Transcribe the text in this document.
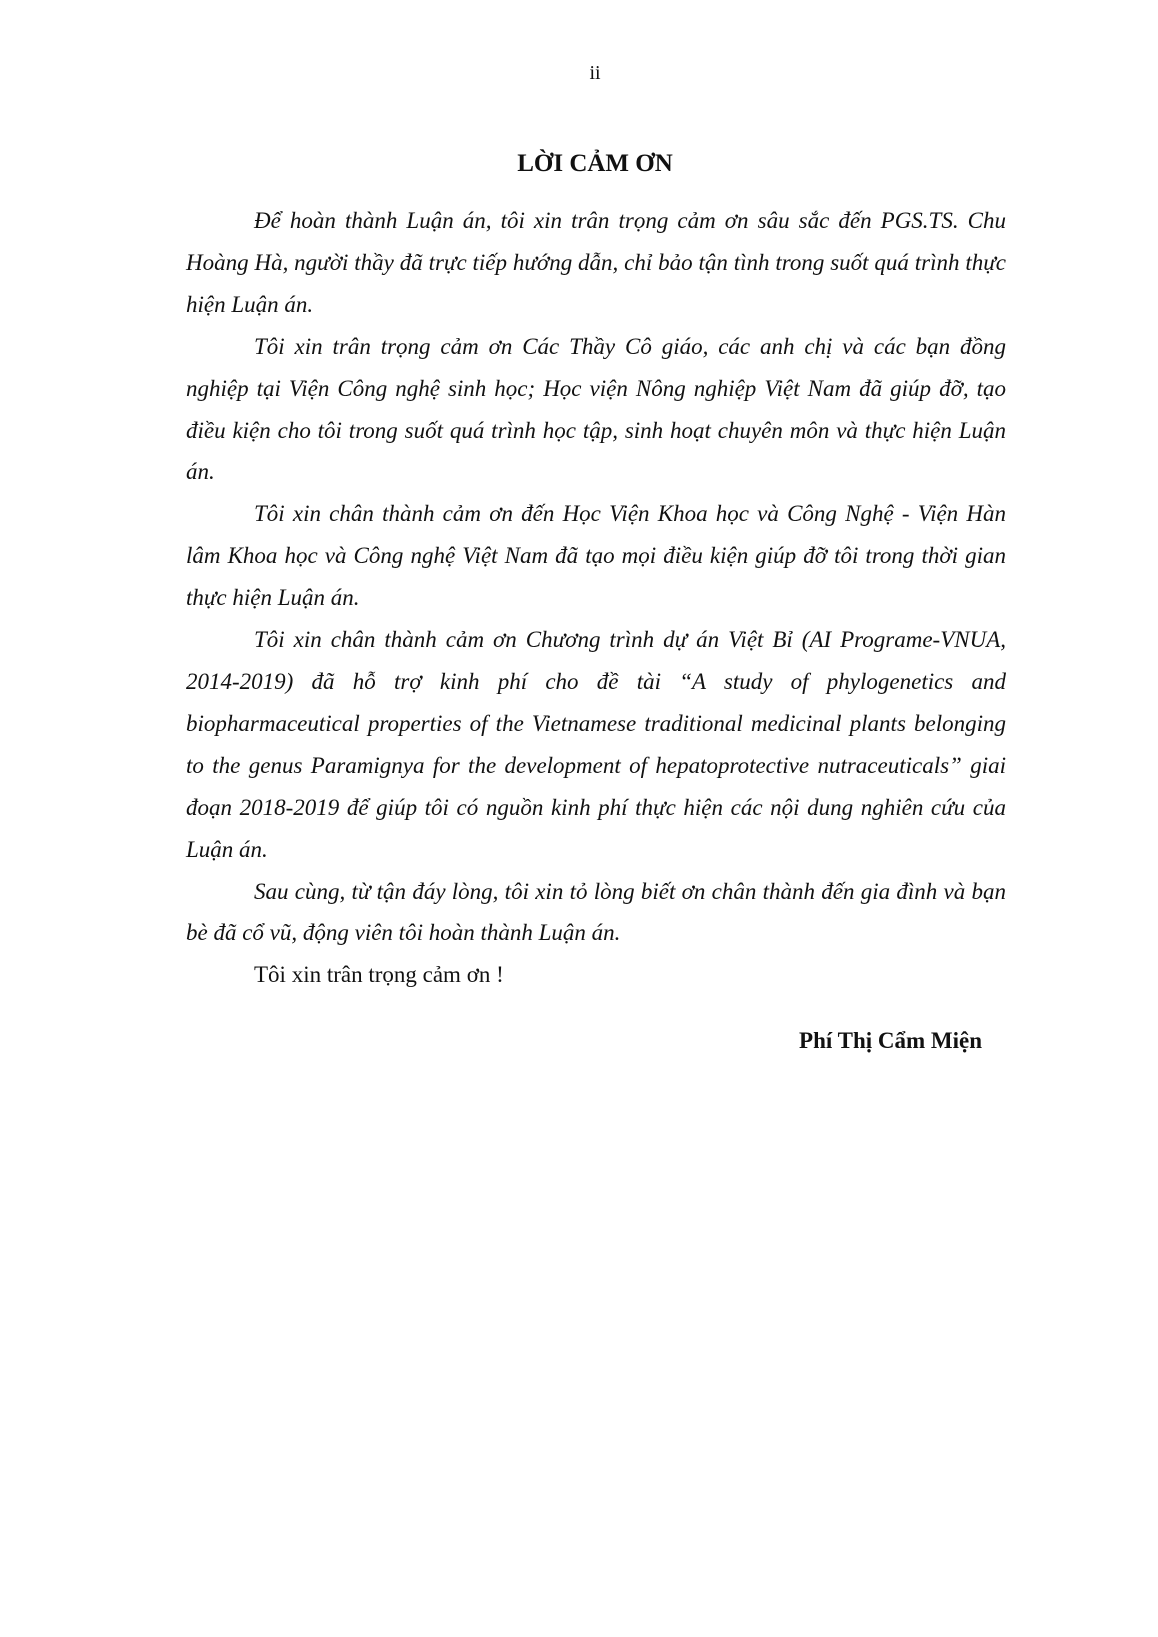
ii
LỜI CẢM ƠN

Để hoàn thành Luận án, tôi xin trân trọng cảm ơn sâu sắc đến PGS.TS. Chu Hoàng Hà, người thầy đã trực tiếp hướng dẫn, chỉ bảo tận tình trong suốt quá trình thực hiện Luận án.

Tôi xin trân trọng cảm ơn Các Thầy Cô giáo, các anh chị và các bạn đồng nghiệp tại Viện Công nghệ sinh học; Học viện Nông nghiệp Việt Nam đã giúp đỡ, tạo điều kiện cho tôi trong suốt quá trình học tập, sinh hoạt chuyên môn và thực hiện Luận án.

Tôi xin chân thành cảm ơn đến Học Viện Khoa học và Công Nghệ - Viện Hàn lâm Khoa học và Công nghệ Việt Nam đã tạo mọi điều kiện giúp đỡ tôi trong thời gian thực hiện Luận án.

Tôi xin chân thành cảm ơn Chương trình dự án Việt Bỉ (AI Programe-VNUA, 2014-2019) đã hỗ trợ kinh phí cho đề tài “A study of phylogenetics and biopharmaceutical properties of the Vietnamese traditional medicinal plants belonging to the genus Paramignya for the development of hepatoprotective nutraceuticals” giai đoạn 2018-2019 để giúp tôi có nguồn kinh phí thực hiện các nội dung nghiên cứu của Luận án.

Sau cùng, từ tận đáy lòng, tôi xin tỏ lòng biết ơn chân thành đến gia đình và bạn bè đã cổ vũ, động viên tôi hoàn thành Luận án.

Tôi xin trân trọng cảm ơn !

Phí Thị Cẩm Miện
